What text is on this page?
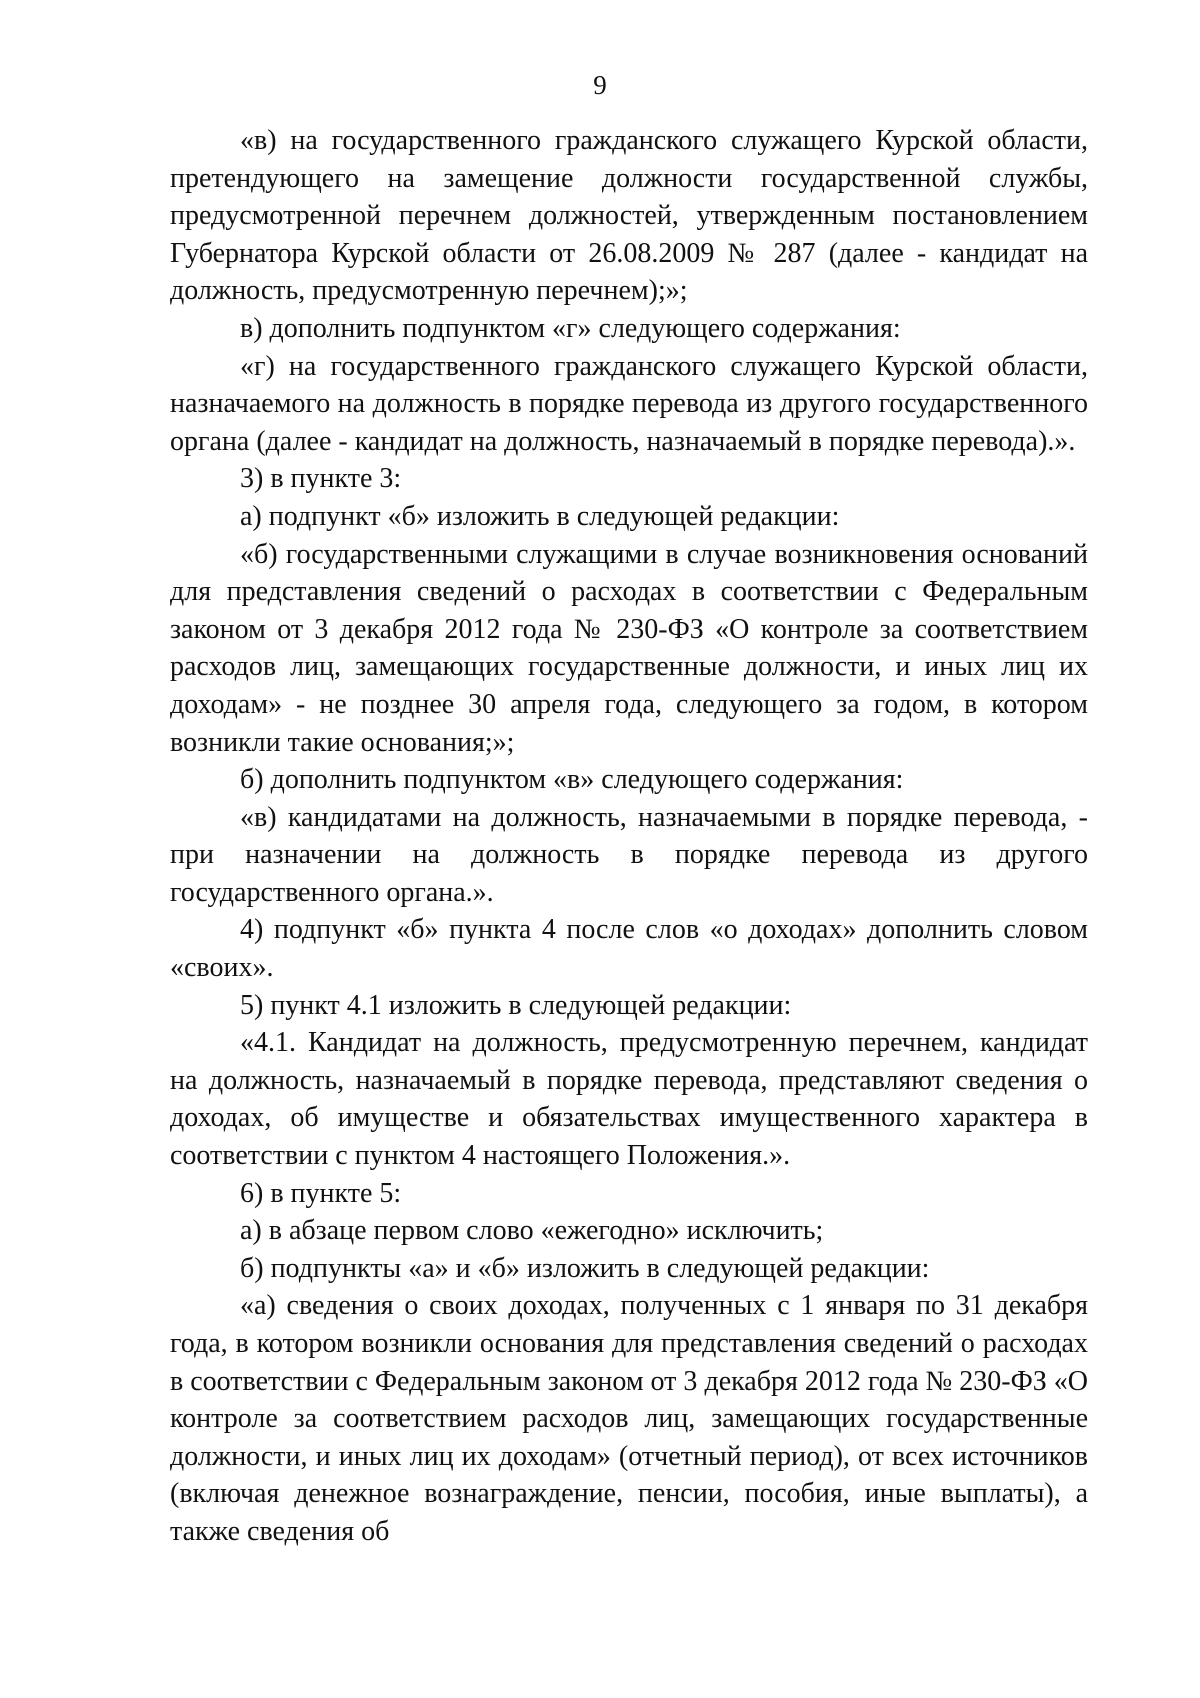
9

«в) на государственного гражданского служащего Курской области, претендующего на замещение должности государственной службы, предусмотренной перечнем должностей, утвержденным постановлением Губернатора Курской области от 26.08.2009 № 287 (далее - кандидат на должность, предусмотренную перечнем);»;

в) дополнить подпунктом «г» следующего содержания:

«г) на государственного гражданского служащего Курской области, назначаемого на должность в порядке перевода из другого государственного органа (далее - кандидат на должность, назначаемый в порядке перевода).».

3) в пункте 3:

а) подпункт «б» изложить в следующей редакции:

«б) государственными служащими в случае возникновения оснований для представления сведений о расходах в соответствии с Федеральным законом от 3 декабря 2012 года № 230-ФЗ «О контроле за соответствием расходов лиц, замещающих государственные должности, и иных лиц их доходам» - не позднее 30 апреля года, следующего за годом, в котором возникли такие основания;»;

б) дополнить подпунктом «в» следующего содержания:

«в) кандидатами на должность, назначаемыми в порядке перевода, - при назначении на должность в порядке перевода из другого государственного органа.».

4) подпункт «б» пункта 4 после слов «о доходах» дополнить словом «своих».

5) пункт 4.1 изложить в следующей редакции:

«4.1. Кандидат на должность, предусмотренную перечнем, кандидат на должность, назначаемый в порядке перевода, представляют сведения о доходах, об имуществе и обязательствах имущественного характера в соответствии с пунктом 4 настоящего Положения.».

6) в пункте 5:

а) в абзаце первом слово «ежегодно» исключить;

б) подпункты «а» и «б» изложить в следующей редакции:

«а) сведения о своих доходах, полученных с 1 января по 31 декабря года, в котором возникли основания для представления сведений о расходах в соответствии с Федеральным законом от 3 декабря 2012 года № 230-ФЗ «О контроле за соответствием расходов лиц, замещающих государственные должности, и иных лиц их доходам» (отчетный период), от всех источников (включая денежное вознаграждение, пенсии, пособия, иные выплаты), а также сведения об
